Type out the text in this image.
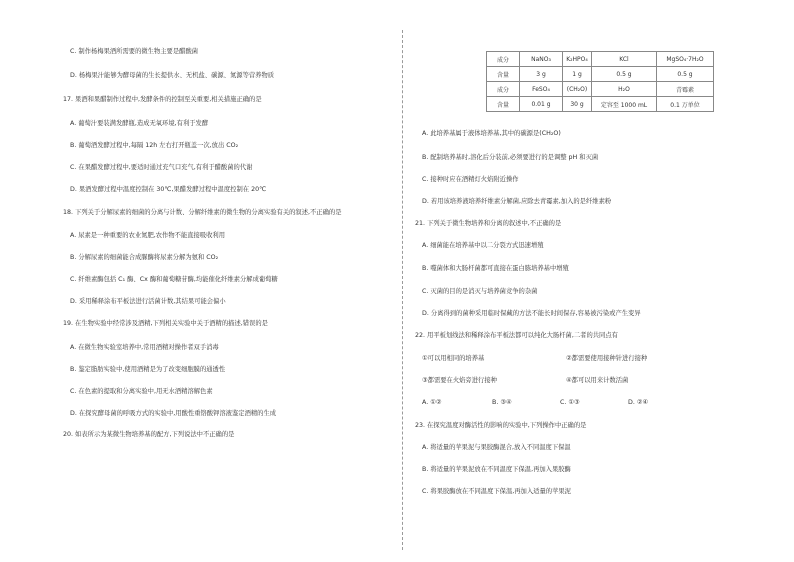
C. 制作杨梅果酒所需要的微生物主要是醋酸菌
D. 杨梅果汁能够为酵母菌的生长提供水、无机盐、碳源、氮源等营养物质
17. 果酒和果醋制作过程中,发酵条件的控制至关重要,相关措施正确的是
A. 葡萄汁要装满发酵瓶,造成无氧环境,有利于发酵
B. 葡萄酒发酵过程中,每隔 12h 左右打开瓶盖一次,放出 CO₂
C. 在果醋发酵过程中,要适时通过充气口充气,有利于醋酸菌的代谢
D. 果酒发酵过程中温度控制在 30℃,果醋发酵过程中温度控制在 20℃
18. 下列关于分解尿素的细菌的分离与计数、分解纤维素的微生物的分离实验有关的叙述,不正确的是
A. 尿素是一种重要的农业氮肥,农作物不能直接吸收利用
B. 分解尿素的细菌能合成脲酶将尿素分解为氨和 CO₂
C. 纤维素酶包括 C₁ 酶、Cx 酶和葡萄糖苷酶,均能催化纤维素分解成葡萄糖
D. 采用稀释涂布平板法进行活菌计数,其结果可能会偏小
19. 在生物实验中经常涉及酒精,下列相关实验中关于酒精的描述,错误的是
A. 在微生物实验室培养中,常用酒精对操作者双手消毒
B. 鉴定脂肪实验中,使用酒精是为了改变细胞膜的通透性
C. 在色素的提取和分离实验中,用无水酒精溶解色素
D. 在探究酵母菌的呼吸方式的实验中,用酸性重铬酸钾溶液鉴定酒精的生成
20. 如表所示为某微生物培养基的配方,下列说法中不正确的是
成分	NaNO₃	K₂HPO₄	KCl	MgSO₄·7H₂O
含量	3 g	1 g	0.5 g	0.5 g
成分	FeSO₄	(CH₂O)	H₂O	青霉素
含量	0.01 g	30 g	定容至 1000 mL	0.1 万单位
A. 此培养基属于液体培养基,其中的碳源是(CH₂O)
B. 配制培养基时,溶化后分装前,必须要进行的是调整 pH 和灭菌
C. 接种时应在酒精灯火焰附近操作
D. 若用该培养液培养纤维素分解菌,应除去青霉素,加入的是纤维素粉
21. 下列关于微生物培养和分离的叙述中,不正确的是
A. 细菌能在培养基中以二分裂方式迅速增殖
B. 噬菌体和大肠杆菌都可直接在蛋白胨培养基中增殖
C. 灭菌的目的是消灭与培养菌竞争的杂菌
D. 分离得到的菌种采用临时保藏的方法不能长时间保存,容易被污染或产生变异
22. 用平板划线法和稀释涂布平板法都可以纯化大肠杆菌,二者的共同点有
①可以用相同的培养基	②都需要使用接种针进行接种
③都需要在火焰旁进行接种	④都可以用来计数活菌
A. ①②	B. ③④	C. ①③	D. ②④
23. 在探究温度对酶活性的影响的实验中,下列操作中正确的是
A. 将适量的苹果泥与果胶酶混合,放入不同温度下保温
B. 将适量的苹果泥放在不同温度下保温,再加入果胶酶
C. 将果胶酶放在不同温度下保温,再加入适量的苹果泥
